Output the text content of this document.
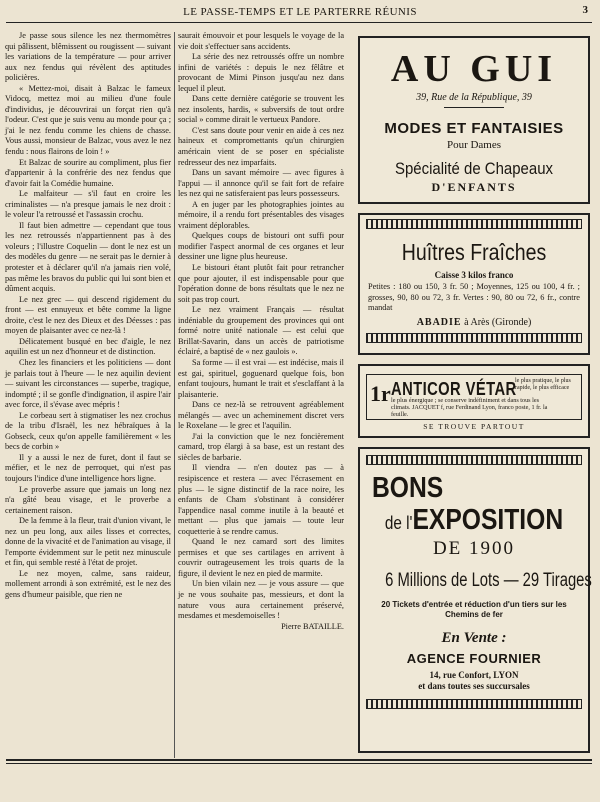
LE PASSE-TEMPS ET LE PARTERRE RÉUNIS	3

Je passe sous silence les nez thermomètres qui pâlissent, blêmissent ou rougissent — suivant les variations de la température — pour arriver aux nez fendus qui révèlent des aptitudes policières.

« Mettez-moi, disait à Balzac le fameux Vidocq, mettez moi au milieu d'une foule d'individus, je découvrirai un forçat rien qu'à l'odeur. C'est que je suis venu au monde pour ça ; j'ai le nez fendu comme les chiens de chasse. Vous aussi, monsieur de Balzac, vous avez le nez fendu : nous flairons de loin ! »

Et Balzac de sourire au compliment, plus fier d'appartenir à la confrérie des nez fendus que d'avoir fait la Comédie humaine.

Le malfaiteur — s'il faut en croire les criminalistes — n'a presque jamais le nez droit : le voleur l'a retroussé et l'assassin crochu.

Il faut bien admettre — cependant que tous les nez retroussés n'appartiennent pas à des voleurs ; l'illustre Coquelin — dont le nez est un des modèles du genre — ne serait pas le dernier à protester et à déclarer qu'il n'a jamais rien volé, pas même les bravos du public qui lui sont bien et dûment acquis.

Le nez grec — qui descend rigidement du front — est ennuyeux et bête comme la ligne droite, c'est le nez des Dieux et des Déesses : pas moyen de plaisanter avec ce nez-là !

Délicatement busqué en bec d'aigle, le nez aquilin est un nez d'honneur et de distinction.

Chez les financiers et les politiciens — dont je parlais tout à l'heure — le nez aquilin devient — suivant les circonstances — superbe, tragique, indompté ; il se gonfle d'indignation, il aspire l'air avec force, il s'évase avec mépris !

Le corbeau sert à stigmatiser les nez crochus de la tribu d'Israël, les nez hébraïques à la Gobseck, ceux qu'on appelle familièrement « les becs de corbin »

Il y a aussi le nez de furet, dont il faut se méfier, et le nez de perroquet, qui n'est pas toujours l'indice d'une intelligence hors ligne.

Le proverbe assure que jamais un long nez n'a gâté beau visage, et le proverbe a certainement raison.

De la femme à la fleur, trait d'union vivant, le nez un peu long, aux ailes lisses et correctes, donne de la vivacité et de l'animation au visage, il l'emporte évidemment sur le petit nez minuscule et fin, qui semble resté à l'état de projet.

Le nez moyen, calme, sans raideur, mollement arrondi à son extrémité, est le nez des gens d'humeur paisible, que rien ne

saurait émouvoir et pour lesquels le voyage de la vie doit s'effectuer sans accidents.

La série des nez retroussés offre un nombre infini de variétés : depuis le nez fêlâtre et provocant de Mimi Pinson jusqu'au nez dans lequel il pleut.

Dans cette dernière catégorie se trouvent les nez insolents, hardis, « subversifs de tout ordre social » comme dirait le vertueux Pandore.

C'est sans doute pour venir en aide à ces nez haineux et compromettants qu'un chirurgien américain vient de se poser en spécialiste redresseur des nez imparfaits.

Dans un savant mémoire — avec figures à l'appui — il annonce qu'il se fait fort de refaire les nez qui ne satisferaient pas leurs possesseurs.

A en juger par les photographies jointes au mémoire, il a rendu fort présentables des visages vraiment déplorables.

Quelques coups de bistouri ont suffi pour modifier l'aspect anormal de ces organes et leur dessiner une ligne plus heureuse.

Le bistouri étant plutôt fait pour retrancher que pour ajouter, il est indispensable pour que l'opération donne de bons résultats que le nez ne soit pas trop court.

Le nez vraiment Français — résultat indéniable du groupement des provinces qui ont formé notre unité nationale — est celui que Brillat-Savarin, dans un accès de patriotisme éclairé, a baptisé de « nez gaulois ».

Sa forme — il est vrai — est indécise, mais il est gai, spirituel, goguenard quelque fois, bon enfant toujours, humant le trait et s'esclaffant à la plaisanterie.

Dans ce nez-là se retrouvent agréablement mélangés — avec un acheminement discret vers le Roxelane — le grec et l'aquilin.

J'ai la conviction que le nez foncièrement camard, trop élargi à sa base, est un restant des siècles de barbarie.

Il viendra — n'en doutez pas — à resipiscence et restera — avec l'écrasement en plus — le signe distinctif de la race noire, les enfants de Cham s'obstinant à considérer l'appendice nasal comme inutile à la beauté et mettant — plus que jamais — toute leur coquetterie à se rendre camus.

Quand le nez camard sort des limites permises et que ses cartilages en arrivent à couvrir outrageusement les trois quarts de la figure, il devient le nez en pied de marmite.

Un bien vilain nez — je vous assure — que je ne vous souhaite pas, messieurs, et dont la nature vous aura certainement préservé, mesdames et mesdemoiselles !

Pierre BATAILLE.

AU GUI
39, Rue de la République, 39
MODES ET FANTAISIES
Pour Dames
Spécialité de Chapeaux
D'ENFANTS
Huîtres Fraîches
Caisse 3 kilos franco
Petites : 180 ou 150, 3 fr. 50 ; Moyennes, 125 ou 100, 4 fr. ; grosses, 90, 80 ou 72, 3 fr. Vertes : 90, 80 ou 72, 6 fr., contre mandat
ABADIE à Arès (Gironde)
1r ANTICOR VÉTAR
le plus pratique, le plus rapide, le plus efficace
le plus énergique ; se conserve indéfiniment et dans tous les climats. JACQUET f, rue Ferdinand Lyon, franco poste, 1 fr. la feuille.
SE TROUVE PARTOUT
BONS
de l'EXPOSITION
DE 1900
6 Millions de Lots — 29 Tirages
20 Tickets d'entrée et réduction d'un tiers sur les Chemins de fer
En Vente :
AGENCE FOURNIER
14, rue Confort, LYON
et dans toutes ses succursales
